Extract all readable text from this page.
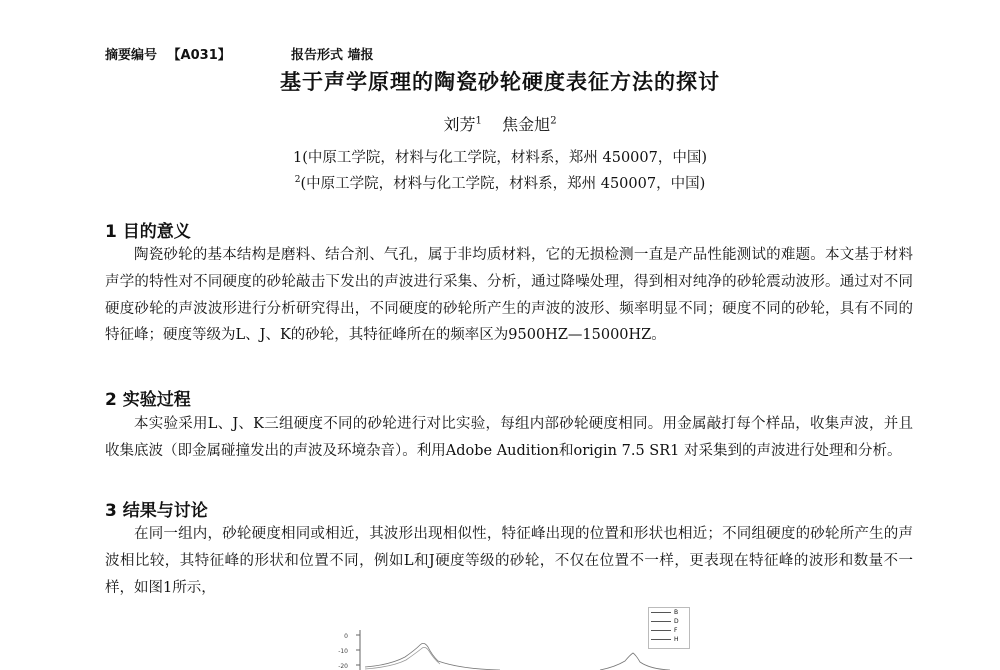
摘要编号 【A031】	报告形式 墙报
基于声学原理的陶瓷砂轮硬度表征方法的探讨
刘芳$^1$ 焦金旭$^2$
1(中原工学院，材料与化工学院，材料系，郑州 450007，中国)
$^2$(中原工学院，材料与化工学院，材料系，郑州 450007，中国)
1 目的意义
陶瓷砂轮的基本结构是磨料、结合剂、气孔，属于非均质材料，它的无损检测一直是产品性能测试的难题。本文基于材料声学的特性对不同硬度的砂轮敲击下发出的声波进行采集、分析，通过降噪处理，得到相对纯净的砂轮震动波形。通过对不同硬度砂轮的声波波形进行分析研究得出，不同硬度的砂轮所产生的声波的波形、频率明显不同；硬度不同的砂轮，具有不同的特征峰；硬度等级为L、J、K的砂轮，其特征峰所在的频率区为9500HZ—15000HZ。
2 实验过程
本实验采用L、J、K三组硬度不同的砂轮进行对比实验，每组内部砂轮硬度相同。用金属敲打每个样品，收集声波，并且收集底波（即金属碰撞发出的声波及环境杂音）。利用Adobe Audition和origin 7.5 SR1 对采集到的声波进行处理和分析。
3 结果与讨论
在同一组内，砂轮硬度相同或相近，其波形出现相似性，特征峰出现的位置和形状也相近；不同组硬度的砂轮所产生的声波相比较，其特征峰的形状和位置不同，例如L和J硬度等级的砂轮，不仅在位置不一样，更表现在特征峰的波形和数量不一样，如图1所示，
0
-10
-20
B
D
F
H
